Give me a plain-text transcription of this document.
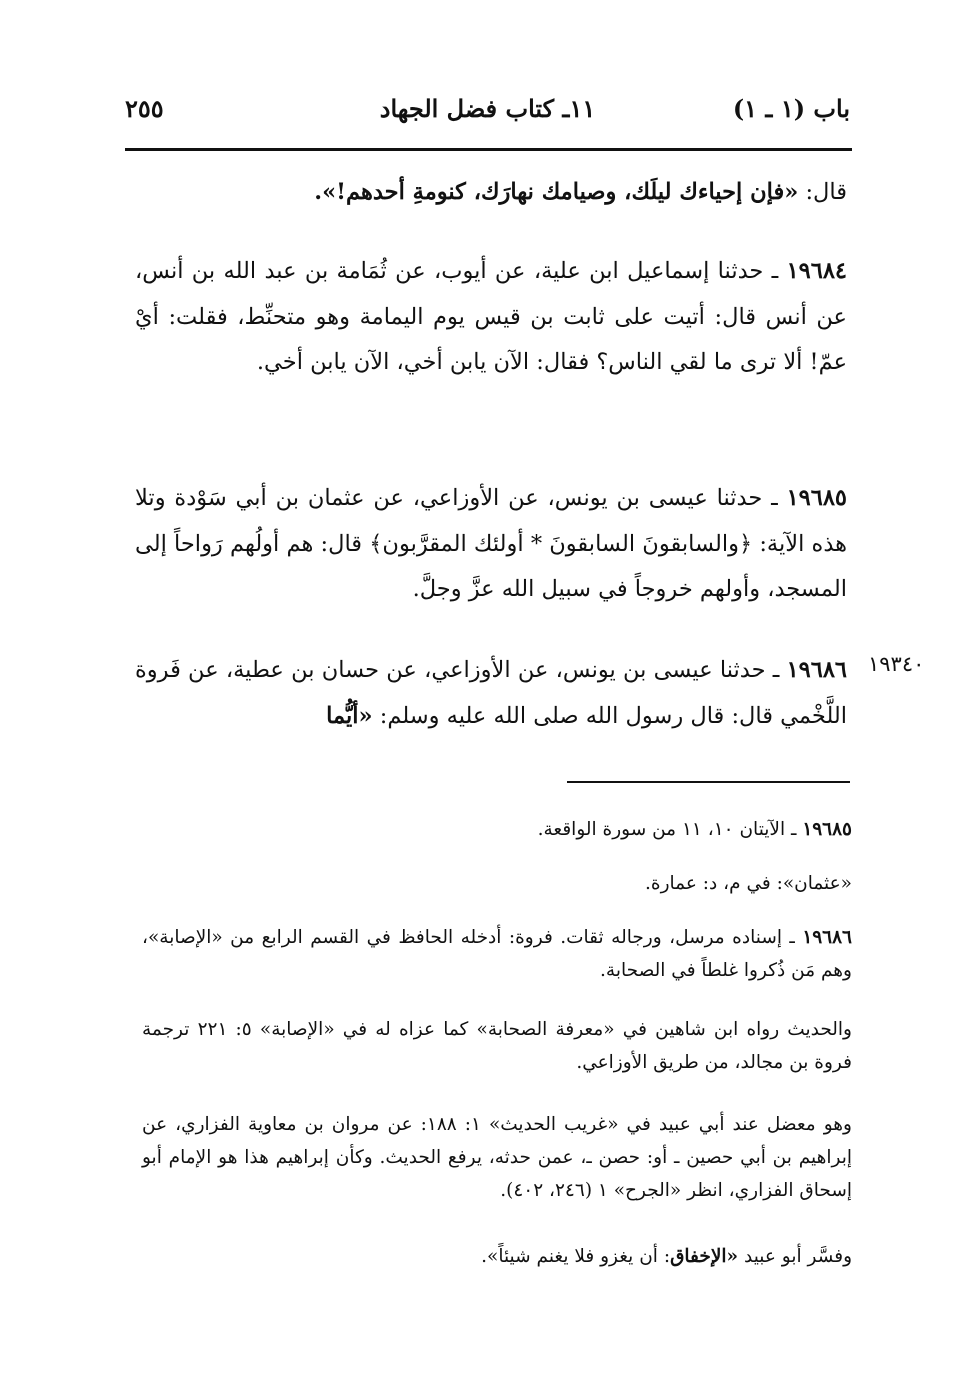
باب (١ ـ ١)
١١ـ كتاب فضل الجهاد
٢٥٥
قال: «فإن إحياءك ليلَك، وصيامك نهارَك، كنومةِ أحدهم!».
١٩٦٨٤ ـ حدثنا إسماعيل ابن علية، عن أيوب، عن ثُمَامة بن عبد الله بن أنس، عن أنس قال: أتيت على ثابت بن قيس يوم اليمامة وهو متحنِّط، فقلت: أيْ عمّ! ألا ترى ما لقي الناس؟ فقال: الآن يابن أخي، الآن يابن أخي.
١٩٦٨٥ ـ حدثنا عيسى بن يونس، عن الأوزاعي، عن عثمان بن أبي سَوْدة وتلا هذه الآية: ﴿والسابقونَ السابقونَ * أولئك المقرَّبون﴾ قال: هم أولُهم رَواحاً إلى المسجد، وأولهم خروجاً في سبيل الله عزَّ وجلَّ.
١٩٣٤٠
١٩٦٨٦ ـ حدثنا عيسى بن يونس، عن الأوزاعي، عن حسان بن عطية، عن فَروة اللَّخْمي قال: قال رسول الله صلى الله عليه وسلم: «أيُّما
١٩٦٨٥ ـ الآيتان ١٠، ١١ من سورة الواقعة.
«عثمان»: في م، د: عمارة.
١٩٦٨٦ ـ إسناده مرسل، ورجاله ثقات. فروة: أدخله الحافظ في القسم الرابع من «الإصابة»، وهم مَن ذُكروا غلطاً في الصحابة.
والحديث رواه ابن شاهين في «معرفة الصحابة» كما عزاه له في «الإصابة» ٥: ٢٢١ ترجمة فروة بن مجالد، من طريق الأوزاعي.
وهو معضل عند أبي عبيد في «غريب الحديث» ١: ١٨٨: عن مروان بن معاوية الفزاري، عن إبراهيم بن أبي حصين ـ أو: حصن ـ، عمن حدثه، يرفع الحديث. وكأن إبراهيم هذا هو الإمام أبو إسحاق الفزاري، انظر «الجرح» ١ (٢٤٦، ٤٠٢).
وفسَّر أبو عبيد «الإخفاق: أن يغزو فلا يغنم شيئاً».
